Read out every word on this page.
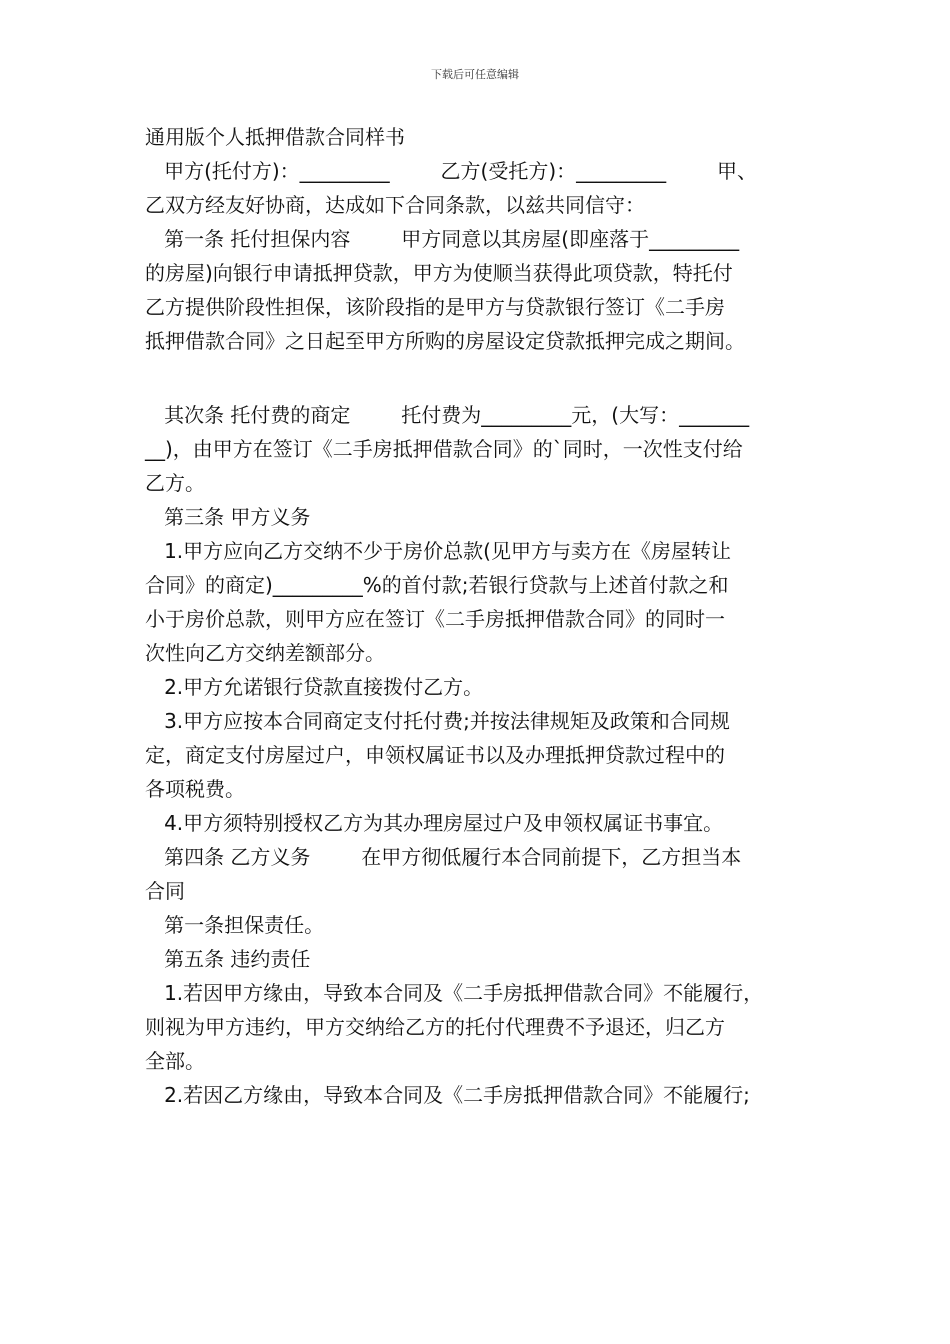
下载后可任意编辑
通用版个人抵押借款合同样书
甲方(托付方)：_________        乙方(受托方)：_________        甲、
乙双方经友好协商，达成如下合同条款，以兹共同信守：
第一条 托付担保内容        甲方同意以其房屋(即座落于_________
的房屋)向银行申请抵押贷款，甲方为使顺当获得此项贷款，特托付
乙方提供阶段性担保，该阶段指的是甲方与贷款银行签订《二手房
抵押借款合同》之日起至甲方所购的房屋设定贷款抵押完成之期间。
其次条 托付费的商定        托付费为_________元，(大写：_______
__)，由甲方在签订《二手房抵押借款合同》的`同时，一次性支付给
乙方。
第三条 甲方义务
1.甲方应向乙方交纳不少于房价总款(见甲方与卖方在《房屋转让
合同》的商定)_________%的首付款;若银行贷款与上述首付款之和
小于房价总款，则甲方应在签订《二手房抵押借款合同》的同时一
次性向乙方交纳差额部分。
2.甲方允诺银行贷款直接拨付乙方。
3.甲方应按本合同商定支付托付费;并按法律规矩及政策和合同规
定，商定支付房屋过户，申领权属证书以及办理抵押贷款过程中的
各项税费。
4.甲方须特别授权乙方为其办理房屋过户及申领权属证书事宜。
第四条 乙方义务        在甲方彻低履行本合同前提下，乙方担当本
合同
第一条担保责任。
第五条 违约责任
1.若因甲方缘由，导致本合同及《二手房抵押借款合同》不能履行，
则视为甲方违约，甲方交纳给乙方的托付代理费不予退还，归乙方
全部。
2.若因乙方缘由，导致本合同及《二手房抵押借款合同》不能履行;
